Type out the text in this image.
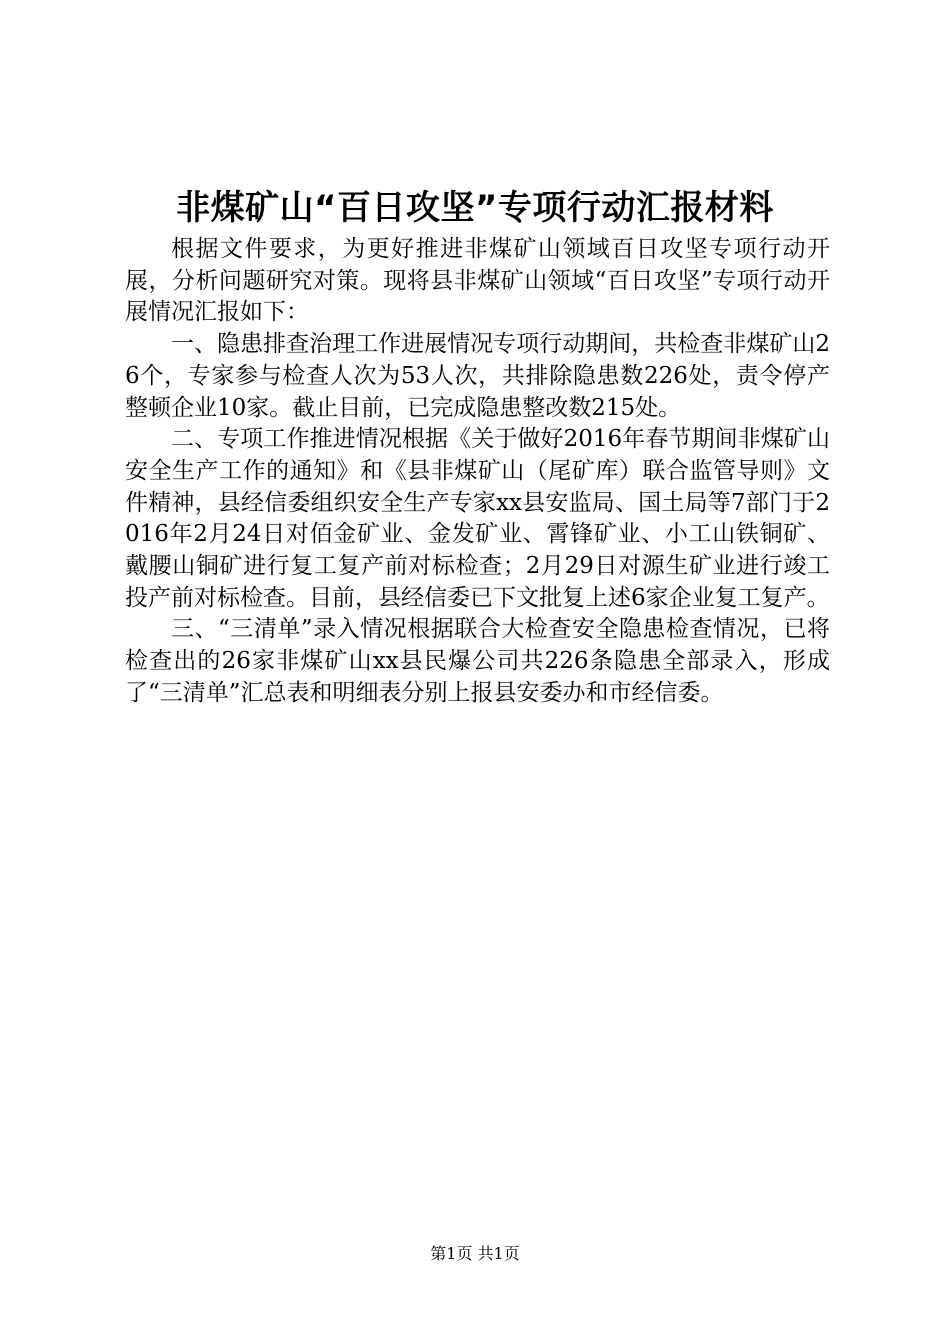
非煤矿山“百日攻坚”专项行动汇报材料

根据文件要求，为更好推进非煤矿山领域百日攻坚专项行动开展，分析问题研究对策。现将县非煤矿山领域“百日攻坚”专项行动开展情况汇报如下：

一、隐患排查治理工作进展情况专项行动期间，共检查非煤矿山26个，专家参与检查人次为53人次，共排除隐患数226处，责令停产整顿企业10家。截止目前，已完成隐患整改数215处。

二、专项工作推进情况根据《关于做好2016年春节期间非煤矿山安全生产工作的通知》和《县非煤矿山（尾矿库）联合监管导则》文件精神，县经信委组织安全生产专家xx县安监局、国土局等7部门于2016年2月24日对佰金矿业、金发矿业、霄锋矿业、小工山铁铜矿、戴腰山铜矿进行复工复产前对标检查；2月29日对源生矿业进行竣工投产前对标检查。目前，县经信委已下文批复上述6家企业复工复产。

三、“三清单”录入情况根据联合大检查安全隐患检查情况，已将检查出的26家非煤矿山xx县民爆公司共226条隐患全部录入，形成了“三清单”汇总表和明细表分别上报县安委办和市经信委。

第1页 共1页
